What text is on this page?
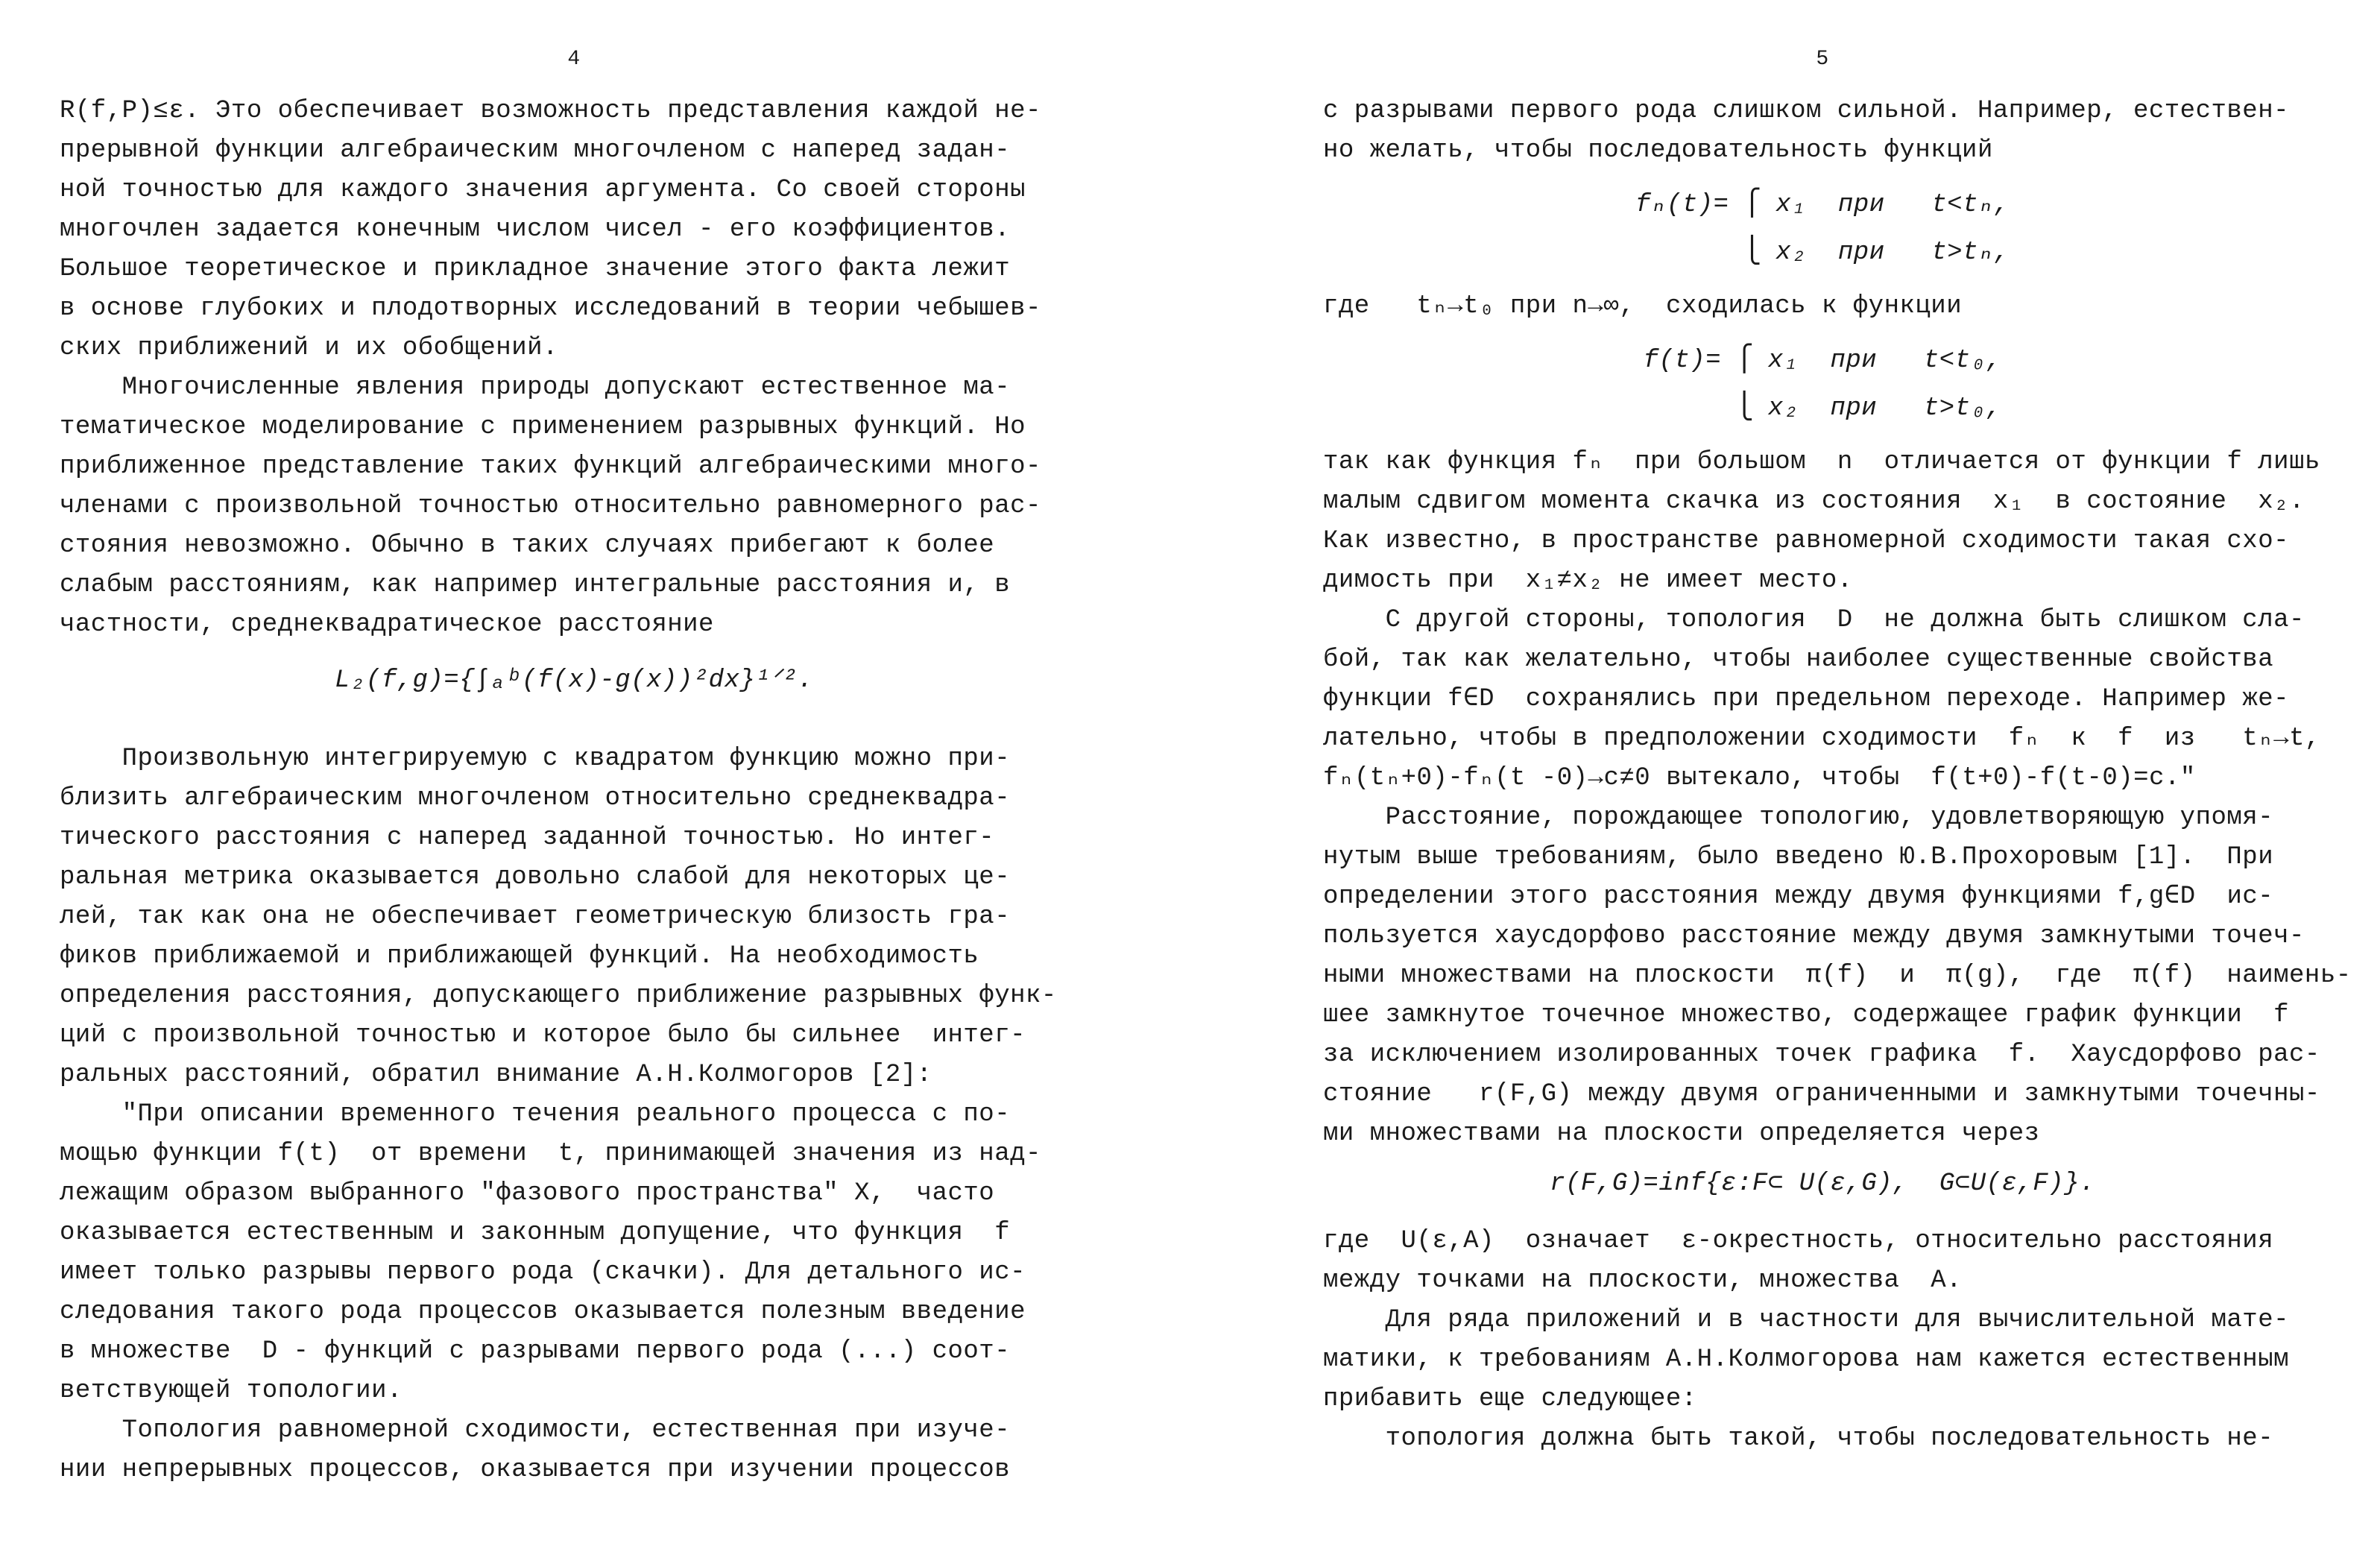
4
R(f,P)≤ε. Это обеспечивает возможность представления каждой не-
прерывной функции алгебраическим многочленом с наперед задан-
ной точностью для каждого значения аргумента. Со своей стороны
многочлен задается конечным числом чисел - его коэффициентов.
Большое теоретическое и прикладное значение этого факта лежит
в основе глубоких и плодотворных исследований в теории чебышев-
ских приближений и их обобщений.
Многочисленные явления природы допускают естественное ма-
тематическое моделирование с применением разрывных функций. Но
приближенное представление таких функций алгебраическими много-
членами с произвольной точностью относительно равномерного рас-
стояния невозможно. Обычно в таких случаях прибегают к более
слабым расстояниям, как например интегральные расстояния и, в
частности, среднеквадратическое расстояние
L₂(f,g)={∫ₐᵇ(f(x)-g(x))²dx}¹ᐟ².
Произвольную интегрируемую с квадратом функцию можно при-
близить алгебраическим многочленом относительно среднеквадра-
тического расстояния с наперед заданной точностью. Но интег-
ральная метрика оказывается довольно слабой для некоторых це-
лей, так как она не обеспечивает геометрическую близость гра-
фиков приближаемой и приближающей функций. На необходимость
определения расстояния, допускающего приближение разрывных функ-
ций с произвольной точностью и которое было бы сильнее  интег-
ральных расстояний, обратил внимание А.Н.Колмогоров [2]:
"При описании временного течения реального процесса с по-
мощью функции f(t)  от времени  t, принимающей значения из над-
лежащим образом выбранного "фазового пространства" X,  часто
оказывается естественным и законным допущение, что функция  f
имеет только разрывы первого рода (скачки). Для детального ис-
следования такого рода процессов оказывается полезным введение
в множестве  D - функций с разрывами первого рода (...) соот-
ветствующей топологии.
Топология равномерной сходимости, естественная при изуче-
нии непрерывных процессов, оказывается при изучении процессов
5
с разрывами первого рода слишком сильной. Например, естествен-
но желать, чтобы последовательность функций
fₙ(t)= ⎧ x₁  при   t<tₙ,
⎩ x₂  при   t>tₙ,
где   tₙ→t₀ при n→∞,  сходилась к функции
f(t)= ⎧ x₁  при   t<t₀,
⎩ x₂  при   t>t₀,
так как функция fₙ  при большом  n  отличается от функции f лишь
малым сдвигом момента скачка из состояния  x₁  в состояние  x₂.
Как известно, в пространстве равномерной сходимости такая схо-
димость при  x₁≠x₂ не имеет место.
С другой стороны, топология  D  не должна быть слишком сла-
бой, так как желательно, чтобы наиболее существенные свойства
функции f∈D  сохранялись при предельном переходе. Например же-
лательно, чтобы в предположении сходимости  fₙ  к  f  из   tₙ→t,
fₙ(tₙ+0)-fₙ(t -0)→c≠0 вытекало, чтобы  f(t+0)-f(t-0)=c."
Расстояние, порождающее топологию, удовлетворяющую упомя-
нутым выше требованиям, было введено Ю.В.Прохоровым [1].  При
определении этого расстояния между двумя функциями f,g∈D  ис-
пользуется хаусдорфово расстояние между двумя замкнутыми точеч-
ными множествами на плоскости  π(f)  и  π(g),  где  π(f)  наимень-
шее замкнутое точечное множество, содержащее график функции  f
за исключением изолированных точек графика  f.  Хаусдорфово рас-
стояние   r(F,G) между двумя ограниченными и замкнутыми точечны-
ми множествами на плоскости определяется через
r(F,G)=inf{ε:F⊂ U(ε,G),  G⊂U(ε,F)}.
где  U(ε,A)  означает  ε-окрестность, относительно расстояния
между точками на плоскости, множества  A.
Для ряда приложений и в частности для вычислительной мате-
матики, к требованиям А.Н.Колмогорова нам кажется естественным
прибавить еще следующее:
топология должна быть такой, чтобы последовательность не-
